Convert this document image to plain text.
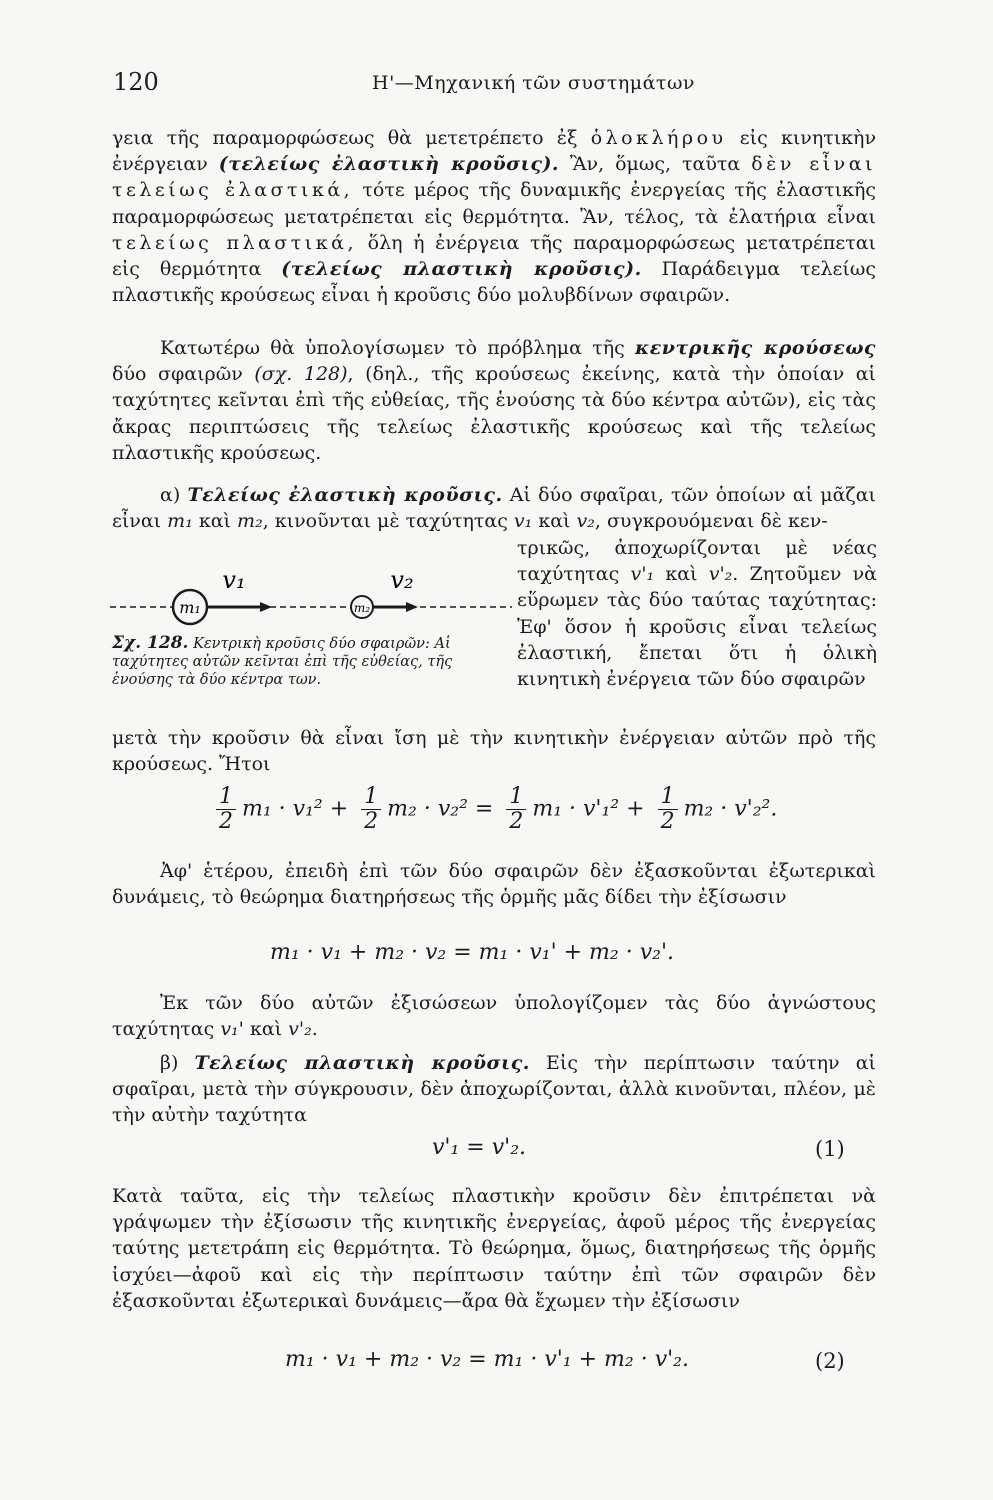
120	Η'—Μηχανική τῶν συστημάτων

γεια τῆς παραμορφώσεως θὰ μετετρέπετο ἐξ ὁλοκλήρου εἰς κινητικὴν ἐνέργειαν (τελείως ἐλαστικὴ κροῦσις). Ἂν, ὅμως, ταῦτα δὲν εἶναι τελείως ἐλαστικά, τότε μέρος τῆς δυναμικῆς ἐνεργείας τῆς ἐλαστικῆς παραμορφώσεως μετατρέπεται εἰς θερμότητα. Ἂν, τέλος, τὰ ἐλατήρια εἶναι τελείως πλαστικά, ὅλη ἡ ἐνέργεια τῆς παραμορφώσεως μετατρέπεται εἰς θερμότητα (τελείως πλαστικὴ κροῦσις). Παράδειγμα τελείως πλαστικῆς κρούσεως εἶναι ἡ κροῦσις δύο μολυβδίνων σφαιρῶν.

Κατωτέρω θὰ ὑπολογίσωμεν τὸ πρόβλημα τῆς κεντρικῆς κρούσεως δύο σφαιρῶν (σχ. 128), (δηλ., τῆς κρούσεως ἐκείνης, κατὰ τὴν ὁποίαν αἱ ταχύτητες κεῖνται ἐπὶ τῆς εὐθείας, τῆς ἑνούσης τὰ δύο κέντρα αὐτῶν), εἰς τὰς ἄκρας περιπτώσεις τῆς τελείως ἐλαστικῆς κρούσεως καὶ τῆς τελείως πλαστικῆς κρούσεως.

α) Τελείως ἐλαστικὴ κροῦσις. Αἱ δύο σφαῖραι, τῶν ὁποίων αἱ μᾶζαι εἶναι m₁ καὶ m₂, κινοῦνται μὲ ταχύτητας v₁ καὶ v₂, συγκρουόμεναι δὲ κεν-

τρικῶς, ἀποχωρίζονται μὲ νέας ταχύτητας v'₁ καὶ v'₂. Ζητοῦμεν νὰ εὕρωμεν τὰς δύο ταύτας ταχύτητας: Ἐφ' ὅσον ἡ κροῦσις εἶναι τελείως ἐλαστική, ἔπεται ὅτι ἡ ὁλικὴ κινητικὴ ἐνέργεια τῶν δύο σφαιρῶν
m₁
v₁
m₂
v₂
Σχ. 128. Κεντρικὴ κροῦσις δύο σφαιρῶν: Αἱ ταχύτητες αὐτῶν κεῖνται ἐπὶ τῆς εὐθείας, τῆς ἑνούσης τὰ δύο κέντρα των.

μετὰ τὴν κροῦσιν θὰ εἶναι ἴση μὲ τὴν κινητικὴν ἐνέργειαν αὐτῶν πρὸ τῆς κρούσεως. Ἤτοι

$\frac{1}{2} m_1 \cdot v_1^2 + \frac{1}{2} m_2 \cdot v_2^2 = \frac{1}{2} m_1 \cdot v'_1^2 + \frac{1}{2} m_2 \cdot v'_2^2$.

Ἀφ' ἑτέρου, ἐπειδὴ ἐπὶ τῶν δύο σφαιρῶν δὲν ἐξασκοῦνται ἐξωτερικαὶ δυνάμεις, τὸ θεώρημα διατηρήσεως τῆς ὁρμῆς μᾶς δίδει τὴν ἐξίσωσιν

m₁ · v₁ + m₂ · v₂ = m₁ · v₁' + m₂ · v₂'.

Ἐκ τῶν δύο αὐτῶν ἐξισώσεων ὑπολογίζομεν τὰς δύο ἀγνώστους ταχύτητας v₁' καὶ v'₂.

β) Τελείως πλαστικὴ κροῦσις. Εἰς τὴν περίπτωσιν ταύτην αἱ σφαῖραι, μετὰ τὴν σύγκρουσιν, δὲν ἀποχωρίζονται, ἀλλὰ κινοῦνται, πλέον, μὲ τὴν αὐτὴν ταχύτητα

v'₁ = v'₂.	(1)

Κατὰ ταῦτα, εἰς τὴν τελείως πλαστικὴν κροῦσιν δὲν ἐπιτρέπεται νὰ γράψωμεν τὴν ἐξίσωσιν τῆς κινητικῆς ἐνεργείας, ἀφοῦ μέρος τῆς ἐνεργείας ταύτης μετετράπη εἰς θερμότητα. Τὸ θεώρημα, ὅμως, διατηρήσεως τῆς ὁρμῆς ἰσχύει—ἀφοῦ καὶ εἰς τὴν περίπτωσιν ταύτην ἐπὶ τῶν σφαιρῶν δὲν ἐξασκοῦνται ἐξωτερικαὶ δυνάμεις—ἄρα θὰ ἔχωμεν τὴν ἐξίσωσιν

m₁ · v₁ + m₂ · v₂ = m₁ · v'₁ + m₂ · v'₂.	(2)
